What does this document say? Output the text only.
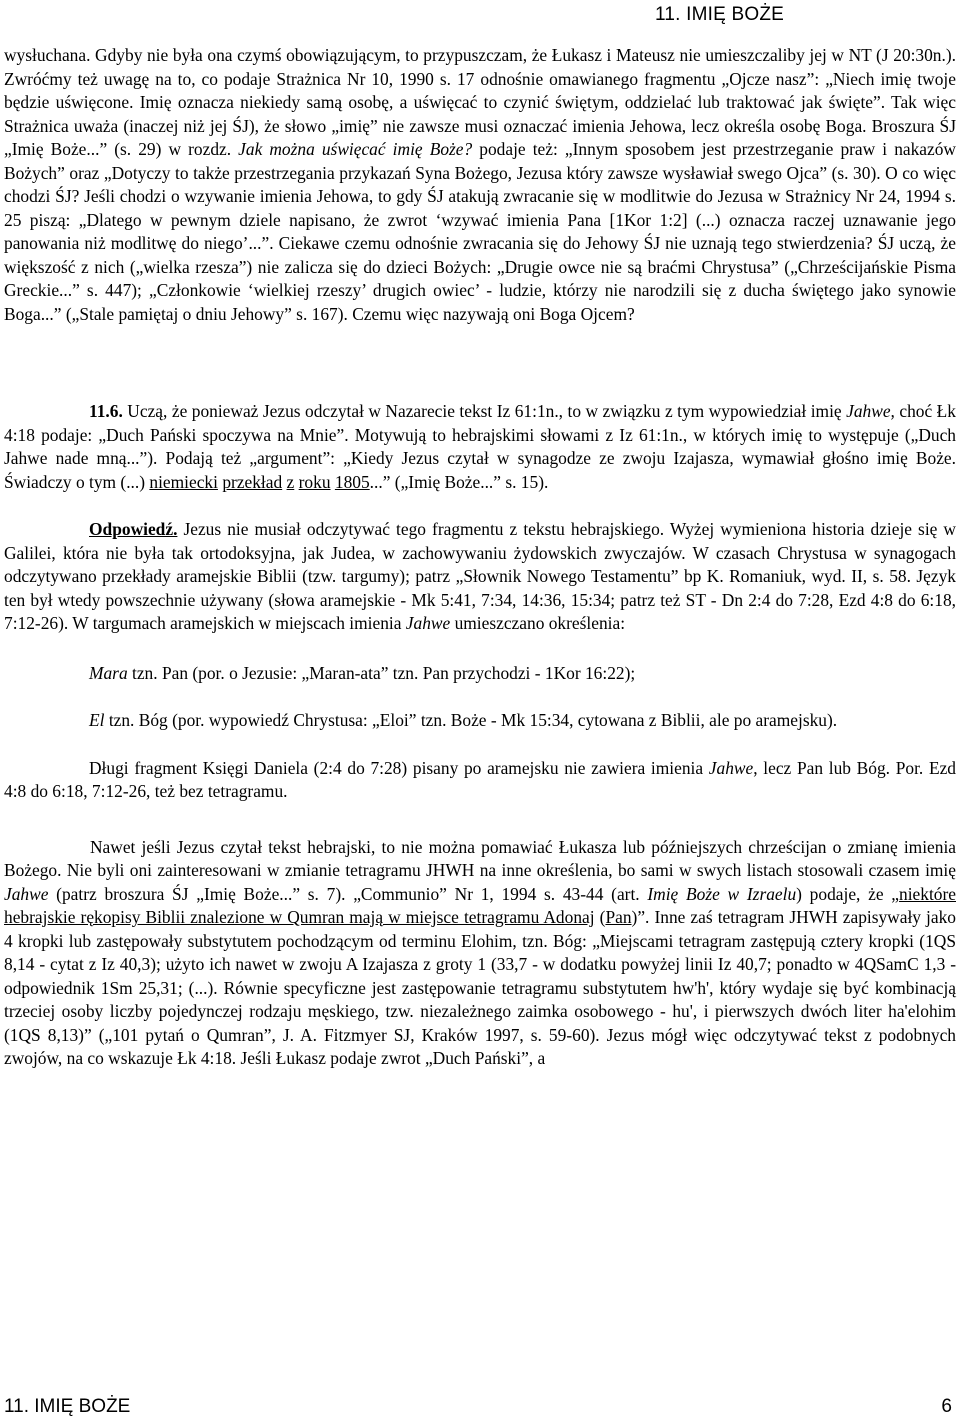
11. IMIĘ BOŻE

wysłuchana. Gdyby nie była ona czymś obowiązującym, to przypuszczam, że Łukasz i Mateusz nie umieszczaliby jej w NT (J 20:30n.). Zwróćmy też uwagę na to, co podaje Strażnica Nr 10, 1990 s. 17 odnośnie omawianego fragmentu „Ojcze nasz”: „Niech imię twoje będzie uświęcone. Imię oznacza niekiedy samą osobę, a uświęcać to czynić świętym, oddzielać lub traktować jak święte”. Tak więc Strażnica uważa (inaczej niż jej ŚJ), że słowo „imię” nie zawsze musi oznaczać imienia Jehowa, lecz określa osobę Boga. Broszura ŚJ „Imię Boże...” (s. 29) w rozdz. Jak można uświęcać imię Boże? podaje też: „Innym sposobem jest przestrzeganie praw i nakazów Bożych” oraz „Dotyczy to także przestrzegania przykazań Syna Bożego, Jezusa który zawsze wysławiał swego Ojca” (s. 30). O co więc chodzi ŚJ? Jeśli chodzi o wzywanie imienia Jehowa, to gdy ŚJ atakują zwracanie się w modlitwie do Jezusa w Strażnicy Nr 24, 1994 s. 25 piszą: „Dlatego w pewnym dziele napisano, że zwrot ‘wzywać imienia Pana [1Kor 1:2] (...) oznacza raczej uznawanie jego panowania niż modlitwę do niego’...”. Ciekawe czemu odnośnie zwracania się do Jehowy ŚJ nie uznają tego stwierdzenia? ŚJ uczą, że większość z nich („wielka rzesza”) nie zalicza się do dzieci Bożych: „Drugie owce nie są braćmi Chrystusa” („Chrześcijańskie Pisma Greckie...” s. 447); „Członkowie ‘wielkiej rzeszy’ drugich owiec’ - ludzie, którzy nie narodzili się z ducha świętego jako synowie Boga...” („Stale pamiętaj o dniu Jehowy” s. 167). Czemu więc nazywają oni Boga Ojcem?

11.6. Uczą, że ponieważ Jezus odczytał w Nazarecie tekst Iz 61:1n., to w związku z tym wypowiedział imię Jahwe, choć Łk 4:18 podaje: „Duch Pański spoczywa na Mnie”. Motywują to hebrajskimi słowami z Iz 61:1n., w których imię to występuje („Duch Jahwe nade mną...”). Podają też „argument”: „Kiedy Jezus czytał w synagodze ze zwoju Izajasza, wymawiał głośno imię Boże. Świadczy o tym (...) niemiecki przekład z roku 1805...” („Imię Boże...” s. 15).

Odpowiedź. Jezus nie musiał odczytywać tego fragmentu z tekstu hebrajskiego. Wyżej wymieniona historia dzieje się w Galilei, która nie była tak ortodoksyjna, jak Judea, w zachowywaniu żydowskich zwyczajów. W czasach Chrystusa w synagogach odczytywano przekłady aramejskie Biblii (tzw. targumy); patrz „Słownik Nowego Testamentu” bp K. Romaniuk, wyd. II, s. 58. Język ten był wtedy powszechnie używany (słowa aramejskie - Mk 5:41, 7:34, 14:36, 15:34; patrz też ST - Dn 2:4 do 7:28, Ezd 4:8 do 6:18, 7:12-26). W targumach aramejskich w miejscach imienia Jahwe umieszczano określenia:

Mara tzn. Pan (por. o Jezusie: „Maran-ata” tzn. Pan przychodzi - 1Kor 16:22);

El tzn. Bóg (por. wypowiedź Chrystusa: „Eloi” tzn. Boże - Mk 15:34, cytowana z Biblii, ale po aramejsku).

Długi fragment Księgi Daniela (2:4 do 7:28) pisany po aramejsku nie zawiera imienia Jahwe, lecz Pan lub Bóg. Por. Ezd 4:8 do 6:18, 7:12-26, też bez tetragramu.

Nawet jeśli Jezus czytał tekst hebrajski, to nie można pomawiać Łukasza lub późniejszych chrześcijan o zmianę imienia Bożego. Nie byli oni zainteresowani w zmianie tetragramu JHWH na inne określenia, bo sami w swych listach stosowali czasem imię Jahwe (patrz broszura ŚJ „Imię Boże...” s. 7). „Communio” Nr 1, 1994 s. 43-44 (art. Imię Boże w Izraelu) podaje, że „niektóre hebrajskie rękopisy Biblii znalezione w Qumran mają w miejsce tetragramu Adonaj (Pan)”. Inne zaś tetragram JHWH zapisywały jako 4 kropki lub zastępowały substytutem pochodzącym od terminu Elohim, tzn. Bóg: „Miejscami tetragram zastępują cztery kropki (1QS 8,14 - cytat z Iz 40,3); użyto ich nawet w zwoju A Izajasza z groty 1 (33,7 - w dodatku powyżej linii Iz 40,7; ponadto w 4QSamC 1,3 - odpowiednik 1Sm 25,31; (...). Równie specyficzne jest zastępowanie tetragramu substytutem hw'h', który wydaje się być kombinacją trzeciej osoby liczby pojedynczej rodzaju męskiego, tzw. niezależnego zaimka osobowego - hu', i pierwszych dwóch liter ha'elohim (1QS 8,13)” („101 pytań o Qumran”, J. A. Fitzmyer SJ, Kraków 1997, s. 59-60). Jezus mógł więc odczytywać tekst z podobnych zwojów, na co wskazuje Łk 4:18. Jeśli Łukasz podaje zwrot „Duch Pański”, a

11. IMIĘ BOŻE	6
